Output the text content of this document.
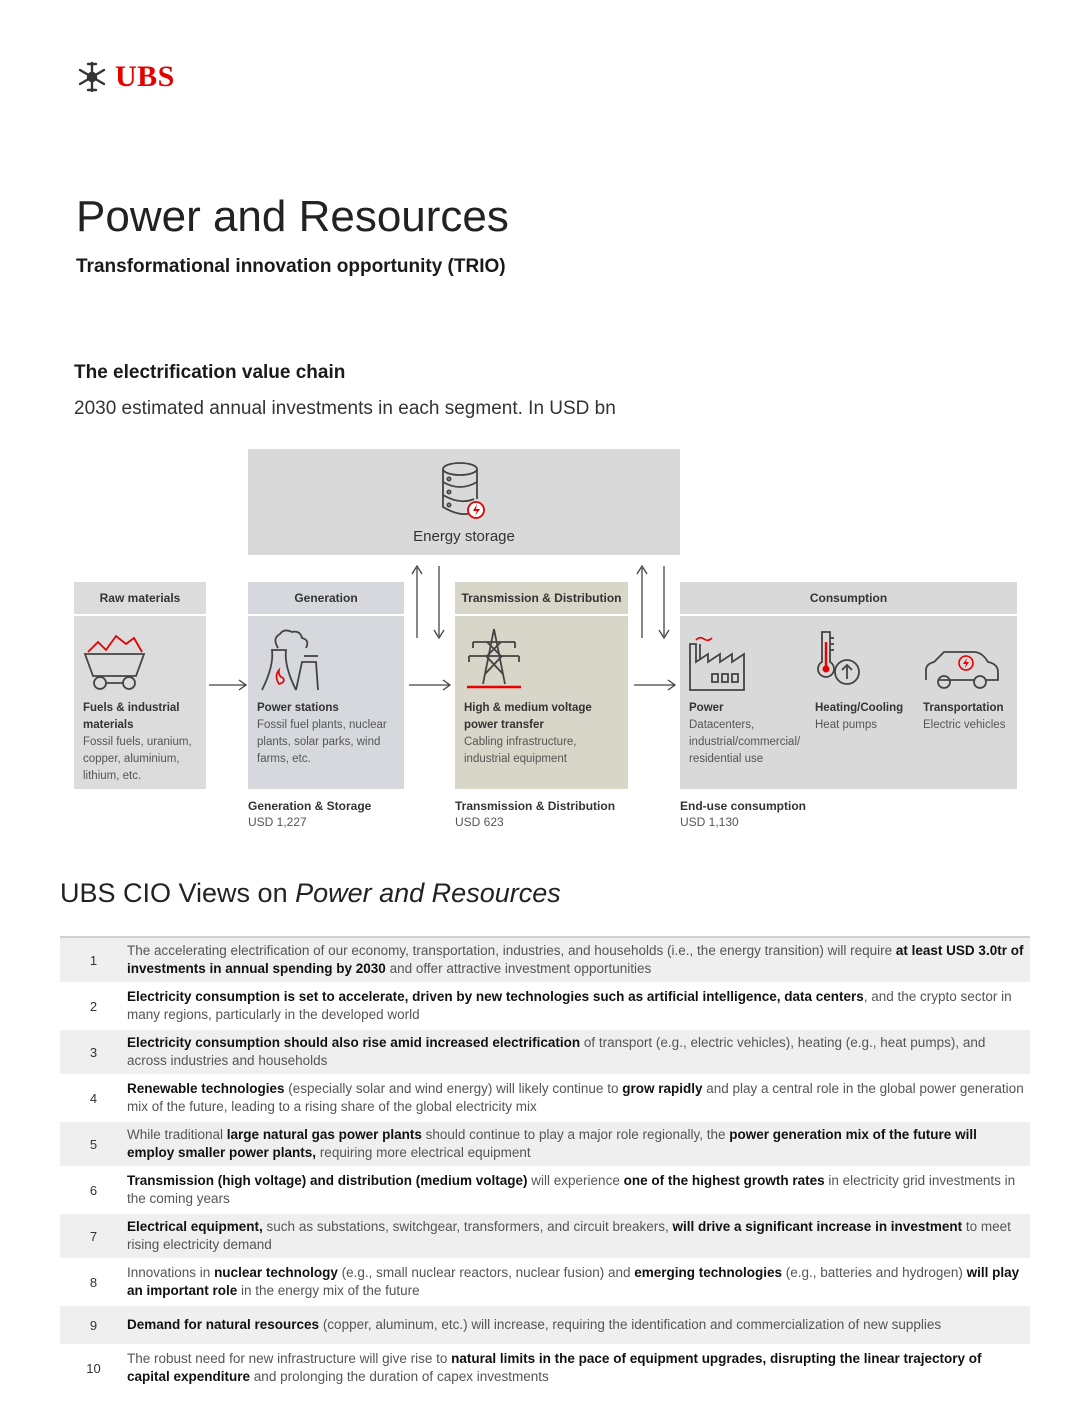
UBS
Power and Resources
Transformational innovation opportunity (TRIO)
The electrification value chain
2030 estimated annual investments in each segment. In USD bn
Energy storage
Raw materials
Fuels & industrial materials
Fossil fuels, uranium, copper, aluminium, lithium, etc.
Generation
Power stations
Fossil fuel plants, nuclear plants, solar parks, wind farms, etc.
Transmission & Distribution
High & medium voltage power transfer
Cabling infrastructure, industrial equipment
Consumption
Power
Datacenters, industrial/commercial/ residential use
Heating/Cooling
Heat pumps
Transportation
Electric vehicles
Generation & Storage
USD 1,227
Transmission & Distribution
USD 623
End-use consumption
USD 1,130
UBS CIO Views on Power and Resources
1
The accelerating electrification of our economy, transportation, industries, and households (i.e., the energy transition) will require at least USD 3.0tr of investments in annual spending by 2030 and offer attractive investment opportunities
2
Electricity consumption is set to accelerate, driven by new technologies such as artificial intelligence, data centers, and the crypto sector in many regions, particularly in the developed world
3
Electricity consumption should also rise amid increased electrification of transport (e.g., electric vehicles), heating (e.g., heat pumps), and across industries and households
4
Renewable technologies (especially solar and wind energy) will likely continue to grow rapidly and play a central role in the global power generation mix of the future, leading to a rising share of the global electricity mix
5
While traditional large natural gas power plants should continue to play a major role regionally, the power generation mix of the future will employ smaller power plants, requiring more electrical equipment
6
Transmission (high voltage) and distribution (medium voltage) will experience one of the highest growth rates in electricity grid investments in the coming years
7
Electrical equipment, such as substations, switchgear, transformers, and circuit breakers, will drive a significant increase in investment to meet rising electricity demand
8
Innovations in nuclear technology (e.g., small nuclear reactors, nuclear fusion) and emerging technologies (e.g., batteries and hydrogen) will play an important role in the energy mix of the future
9	Demand for natural resources (copper, aluminum, etc.) will increase, requiring the identification and commercialization of new supplies
10
The robust need for new infrastructure will give rise to natural limits in the pace of equipment upgrades, disrupting the linear trajectory of capital expenditure and prolonging the duration of capex investments
